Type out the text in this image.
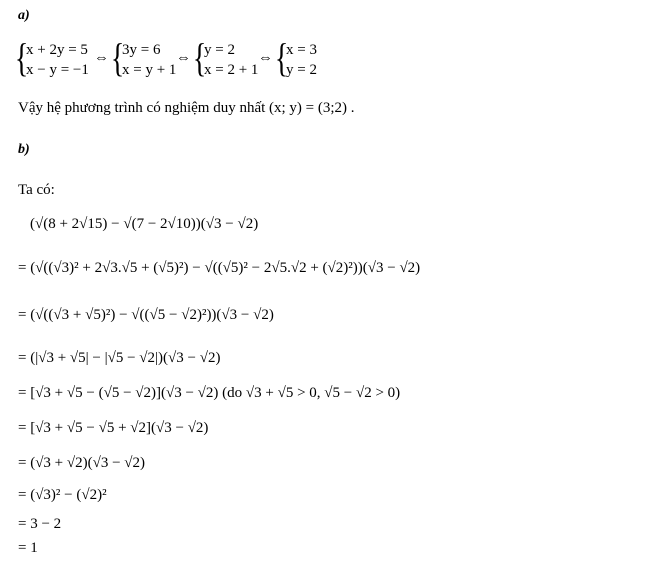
a)
{
x + 2y = 5
x − y = −1
⇔ {
3y = 6
x = y + 1
⇔ {
y = 2
x = 2 + 1
⇔ {
x = 3
y = 2
Vậy hệ phương trình có nghiệm duy nhất (x; y) = (3;2) .
b)
Ta có:
(√(8 + 2√15) − √(7 − 2√10))(√3 − √2)
= (√((√3)² + 2√3.√5 + (√5)²) − √((√5)² − 2√5.√2 + (√2)²))(√3 − √2)
= (√((√3 + √5)²) − √((√5 − √2)²))(√3 − √2)
= (|√3 + √5| − |√5 − √2|)(√3 − √2)
= [√3 + √5 − (√5 − √2)](√3 − √2) (do √3 + √5 > 0, √5 − √2 > 0)
= [√3 + √5 − √5 + √2](√3 − √2)
= (√3 + √2)(√3 − √2)
= (√3)² − (√2)²
= 3 − 2
= 1
